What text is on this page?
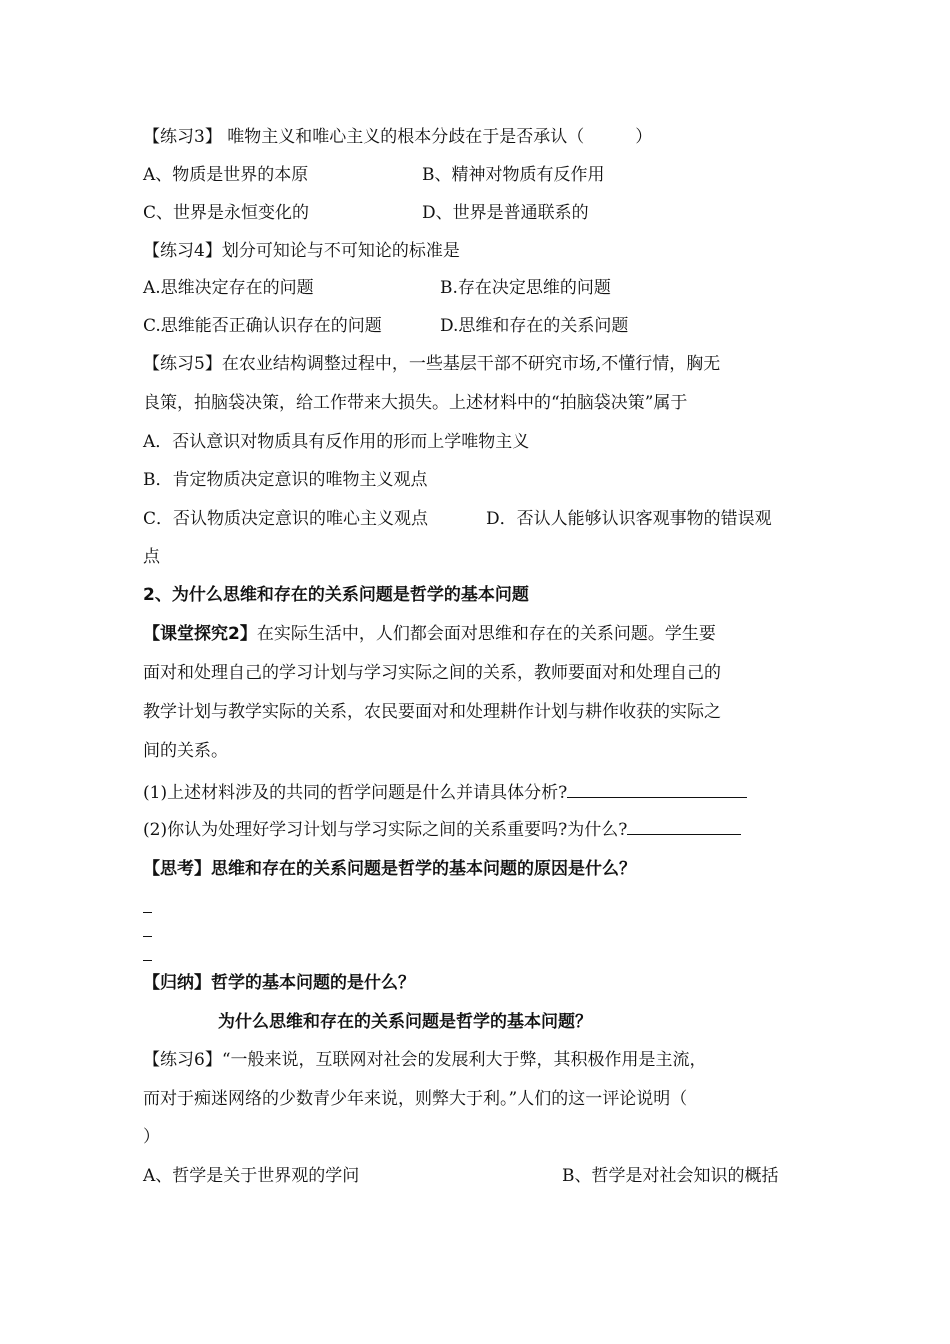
【练习3】 唯物主义和唯心主义的根本分歧在于是否承认（　　　）
A、物质是世界的本原	B、精神对物质有反作用
C、世界是永恒变化的	D、世界是普通联系的
【练习4】划分可知论与不可知论的标准是
A.思维决定存在的问题	B.存在决定思维的问题
C.思维能否正确认识存在的问题	D.思维和存在的关系问题
【练习5】在农业结构调整过程中，一些基层干部不研究市场,不懂行情，胸无
良策，拍脑袋决策，给工作带来大损失。上述材料中的“拍脑袋决策”属于
A．否认意识对物质具有反作用的形而上学唯物主义
B．肯定物质决定意识的唯物主义观点
C．否认物质决定意识的唯心主义观点	D．否认人能够认识客观事物的错误观
点
2、为什么思维和存在的关系问题是哲学的基本问题
【课堂探究2】在实际生活中，人们都会面对思维和存在的关系问题。学生要
面对和处理自己的学习计划与学习实际之间的关系，教师要面对和处理自己的
教学计划与教学实际的关系，农民要面对和处理耕作计划与耕作收获的实际之
间的关系。
(1)上述材料涉及的共同的哲学问题是什么并请具体分析?
(2)你认为处理好学习计划与学习实际之间的关系重要吗?为什么?
【思考】思维和存在的关系问题是哲学的基本问题的原因是什么？
【归纳】哲学的基本问题的是什么？
为什么思维和存在的关系问题是哲学的基本问题？
【练习6】“一般来说，互联网对社会的发展利大于弊，其积极作用是主流，
而对于痴迷网络的少数青少年来说，则弊大于利。”人们的这一评论说明（
）
A、哲学是关于世界观的学问	B、哲学是对社会知识的概括
